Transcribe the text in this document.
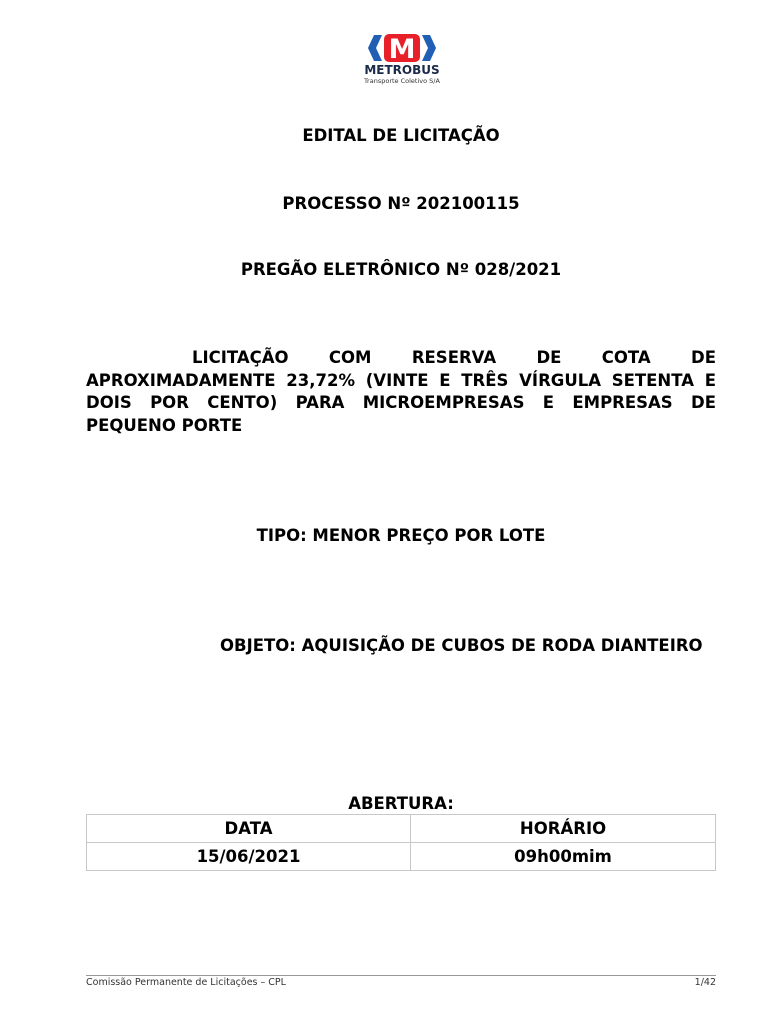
M
METROBUS
Transporte Coletivo S/A
EDITAL DE LICITAÇÃO
PROCESSO Nº 202100115
PREGÃO ELETRÔNICO Nº 028/2021
LICITAÇÃO COM RESERVA DE COTA DE APROXIMADAMENTE 23,72% (VINTE E TRÊS VÍRGULA SETENTA E DOIS POR CENTO) PARA MICROEMPRESAS E EMPRESAS DE PEQUENO PORTE
TIPO: MENOR PREÇO POR LOTE
OBJETO: AQUISIÇÃO DE CUBOS DE RODA DIANTEIRO
ABERTURA:
DATA	HORÁRIO
15/06/2021	09h00mim
Comissão Permanente de Licitações – CPL	1/42
